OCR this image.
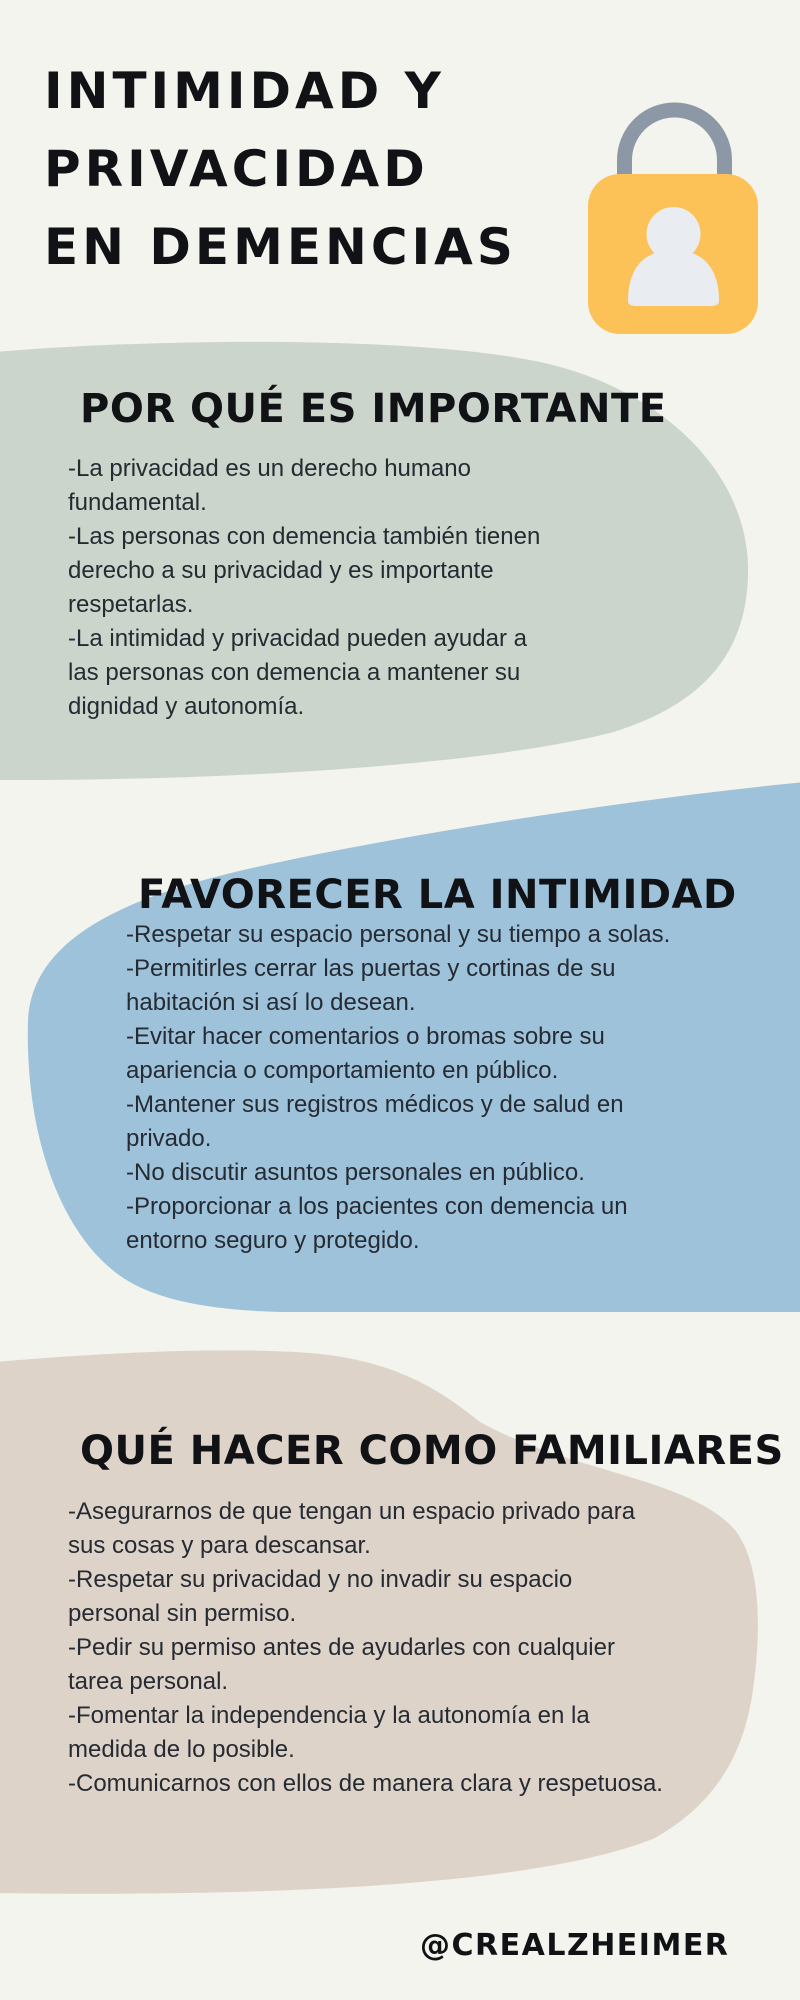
INTIMIDAD Y
PRIVACIDAD
EN DEMENCIAS
POR QUÉ ES IMPORTANTE

-La privacidad es un derecho humano
fundamental.

-Las personas con demencia también tienen
derecho a su privacidad y es importante
respetarlas.

-La intimidad y privacidad pueden ayudar a
las personas con demencia a mantener su
dignidad y autonomía.

FAVORECER LA INTIMIDAD

-Respetar su espacio personal y su tiempo a solas.

-Permitirles cerrar las puertas y cortinas de su
habitación si así lo desean.

-Evitar hacer comentarios o bromas sobre su
apariencia o comportamiento en público.

-Mantener sus registros médicos y de salud en
privado.

-No discutir asuntos personales en público.

-Proporcionar a los pacientes con demencia un
entorno seguro y protegido.

QUÉ HACER COMO FAMILIARES

-Asegurarnos de que tengan un espacio privado para
sus cosas y para descansar.

-Respetar su privacidad y no invadir su espacio
personal sin permiso.

-Pedir su permiso antes de ayudarles con cualquier
tarea personal.

-Fomentar la independencia y la autonomía en la
medida de lo posible.

-Comunicarnos con ellos de manera clara y respetuosa.

@CREALZHEIMER
